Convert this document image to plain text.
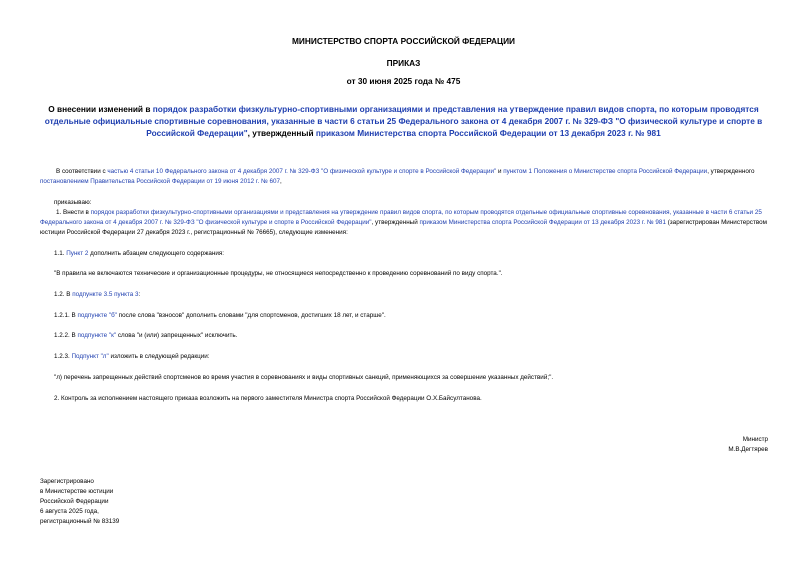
МИНИСТЕРСТВО СПОРТА РОССИЙСКОЙ ФЕДЕРАЦИИ
ПРИКАЗ
от 30 июня 2025 года № 475
О внесении изменений в порядок разработки физкультурно-спортивными организациями и представления на утверждение правил видов спорта, по которым проводятся отдельные официальные спортивные соревнования, указанные в части 6 статьи 25 Федерального закона от 4 декабря 2007 г. № 329-ФЗ "О физической культуре и спорте в Российской Федерации", утвержденный приказом Министерства спорта Российской Федерации от 13 декабря 2023 г. № 981
В соответствии с частью 4 статьи 10 Федерального закона от 4 декабря 2007 г. № 329-ФЗ "О физической культуре и спорте в Российской Федерации" и пунктом 1 Положения о Министерстве спорта Российской Федерации, утвержденного постановлением Правительства Российской Федерации от 19 июня 2012 г. № 607,
приказываю:
1. Внести в порядок разработки физкультурно-спортивными организациями и представления на утверждение правил видов спорта, по которым проводятся отдельные официальные спортивные соревнования, указанные в части 6 статьи 25 Федерального закона от 4 декабря 2007 г. № 329-ФЗ "О физической культуре и спорте в Российской Федерации", утвержденный приказом Министерства спорта Российской Федерации от 13 декабря 2023 г. № 981 (зарегистрирован Министерством юстиции Российской Федерации 27 декабря 2023 г., регистрационный № 76665), следующие изменения:
1.1. Пункт 2 дополнить абзацем следующего содержания:
"В правила не включаются технические и организационные процедуры, не относящиеся непосредственно к проведению соревнований по виду спорта.".
1.2. В подпункте 3.5 пункта 3:
1.2.1. В подпункте "б" после слова "взносов" дополнить словами "для спортсменов, достигших 18 лет, и старше".
1.2.2. В подпункте "к" слова "и (или) запрещенных" исключить.
1.2.3. Подпункт "л" изложить в следующей редакции:
"л) перечень запрещенных действий спортсменов во время участия в соревнованиях и виды спортивных санкций, применяющихся за совершение указанных действий;".
2. Контроль за исполнением настоящего приказа возложить на первого заместителя Министра спорта Российской Федерации О.Х.Байсултанова.
Министр
М.В.Дегтярев
Зарегистрировано
в Министерстве юстиции
Российской Федерации
6 августа 2025 года,
регистрационный № 83139
